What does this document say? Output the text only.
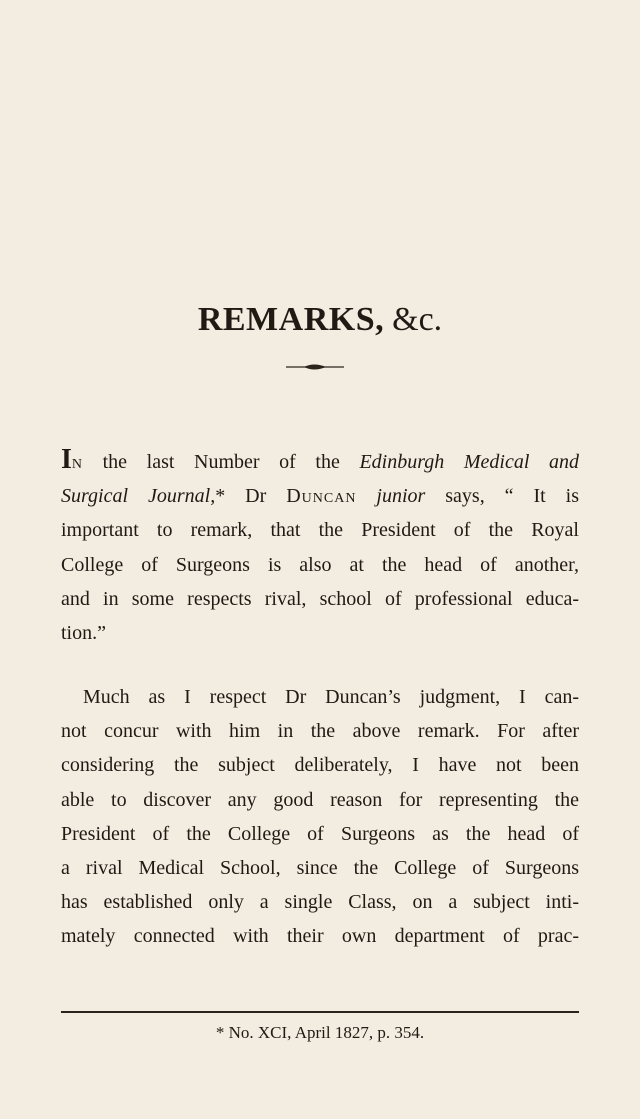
REMARKS, &c.
In the last Number of the Edinburgh Medical and
Surgical Journal,* Dr Duncan junior says, “ It is
important to remark, that the President of the Royal
College of Surgeons is also at the head of another,
and in some respects rival, school of professional educa-
tion.”
Much as I respect Dr Duncan’s judgment, I can-
not concur with him in the above remark. For after
considering the subject deliberately, I have not been
able to discover any good reason for representing the
President of the College of Surgeons as the head of
a rival Medical School, since the College of Surgeons
has established only a single Class, on a subject inti-
mately connected with their own department of prac-
* No. XCI, April 1827, p. 354.
